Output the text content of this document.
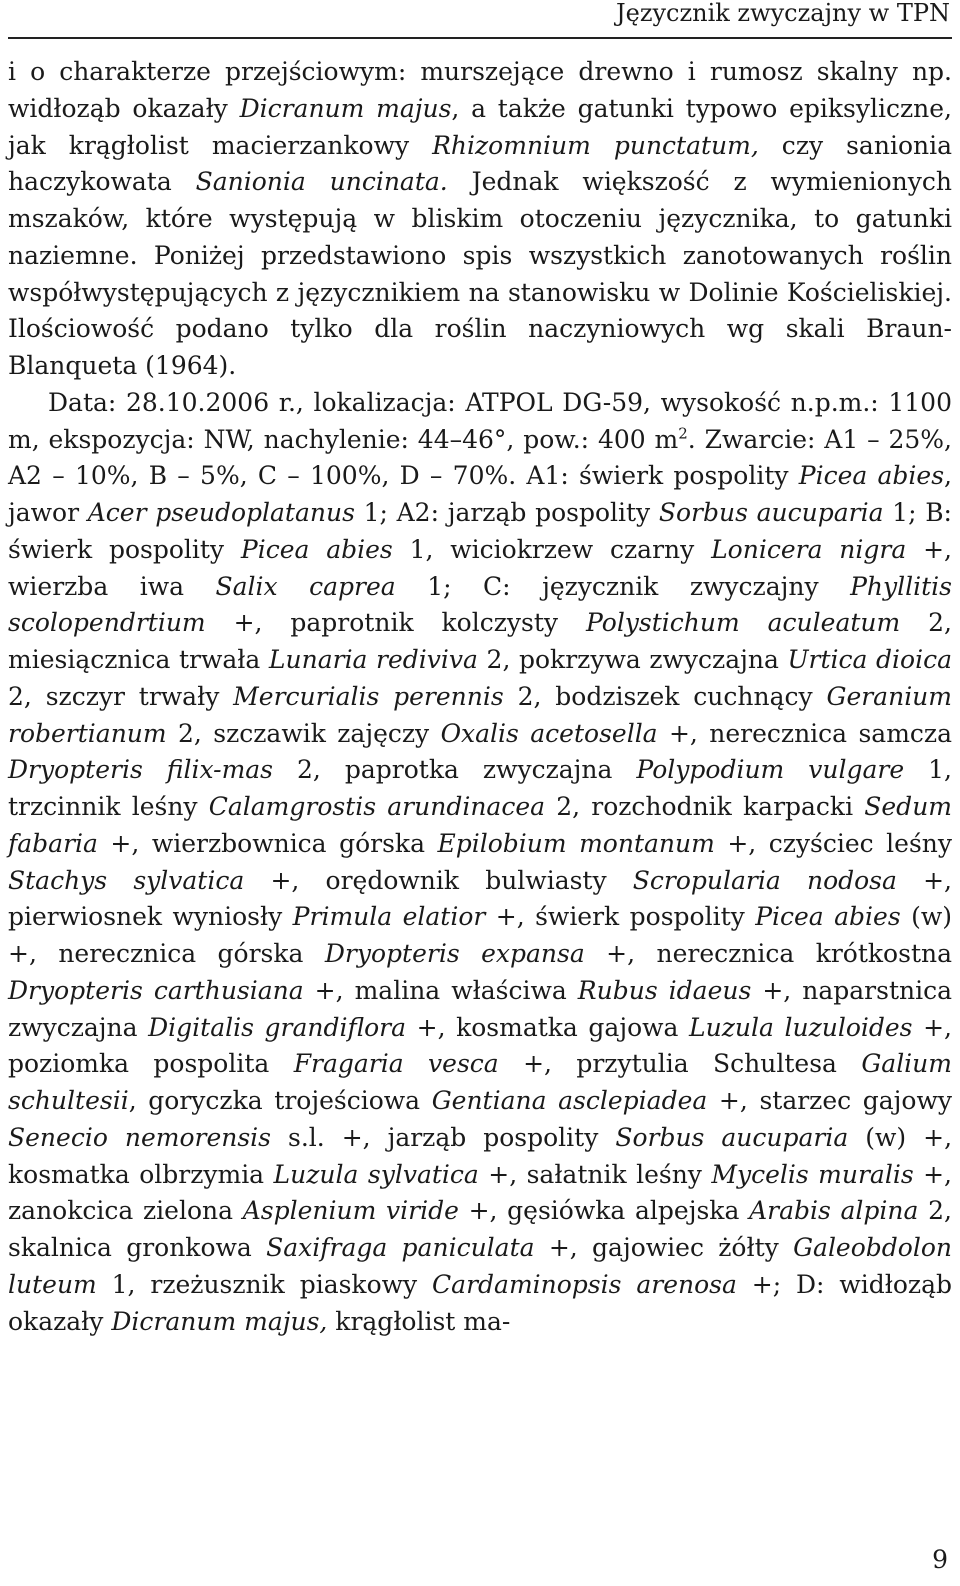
Języcznik zwyczajny w TPN

i o charakterze przejściowym: murszejące drewno i rumosz skalny np. widłoząb okazały Dicranum majus, a także gatunki typowo epiksyliczne, jak krągłolist macierzankowy Rhizomnium punctatum, czy sanionia haczykowata Sanionia uncinata. Jednak większość z wymienionych mszaków, które występują w bliskim otoczeniu języcznika, to gatunki naziemne. Poniżej przedstawiono spis wszystkich zanotowanych roślin współwystępujących z języcznikiem na stanowisku w Dolinie Kościeliskiej. Ilościowość podano tylko dla roślin naczyniowych wg skali Braun-Blanqueta (1964).

Data: 28.10.2006 r., lokalizacja: ATPOL DG-59, wysokość n.p.m.: 1100 m, ekspozycja: NW, nachylenie: 44–46°, pow.: 400 $m^2$. Zwarcie: A1 – 25%, A2 – 10%, B – 5%, C – 100%, D – 70%. A1: świerk pospolity Picea abies, jawor Acer pseudoplatanus 1; A2: jarząb pospolity Sorbus aucuparia 1; B: świerk pospolity Picea abies 1, wiciokrzew czarny Lonicera nigra +, wierzba iwa Salix caprea 1; C: języcznik zwyczajny Phyllitis scolopendrtium +, paprotnik kolczysty Polystichum aculeatum 2, miesiącznica trwała Lunaria rediviva 2, pokrzywa zwyczajna Urtica dioica 2, szczyr trwały Mercurialis perennis 2, bodziszek cuchnący Geranium robertianum 2, szczawik zajęczy Oxalis acetosella +, nerecznica samcza Dryopteris filix-mas 2, paprotka zwyczajna Polypodium vulgare 1, trzcinnik leśny Calamgrostis arundinacea 2, rozchodnik karpacki Sedum fabaria +, wierzbownica górska Epilobium montanum +, czyściec leśny Stachys sylvatica +, orędownik bulwiasty Scropularia nodosa +, pierwiosnek wyniosły Primula elatior +, świerk pospolity Picea abies (w) +, nerecznica górska Dryopteris expansa +, nerecznica krótkostna Dryopteris carthusiana +, malina właściwa Rubus idaeus +, naparstnica zwyczajna Digitalis grandiflora +, kosmatka gajowa Luzula luzuloides +, poziomka pospolita Fragaria vesca +, przytulia Schultesa Galium schultesii, goryczka trojeściowa Gentiana asclepiadea +, starzec gajowy Senecio nemorensis s.l. +, jarząb pospolity Sorbus aucuparia (w) +, kosmatka olbrzymia Luzula sylvatica +, sałatnik leśny Mycelis muralis +, zanokcica zielona Asplenium viride +, gęsiówka alpejska Arabis alpina 2, skalnica gronkowa Saxifraga paniculata +, gajowiec żółty Galeobdolon luteum 1, rzeżusznik piaskowy Cardaminopsis arenosa +; D: widłoząb okazały Dicranum majus, krągłolist ma-

9
